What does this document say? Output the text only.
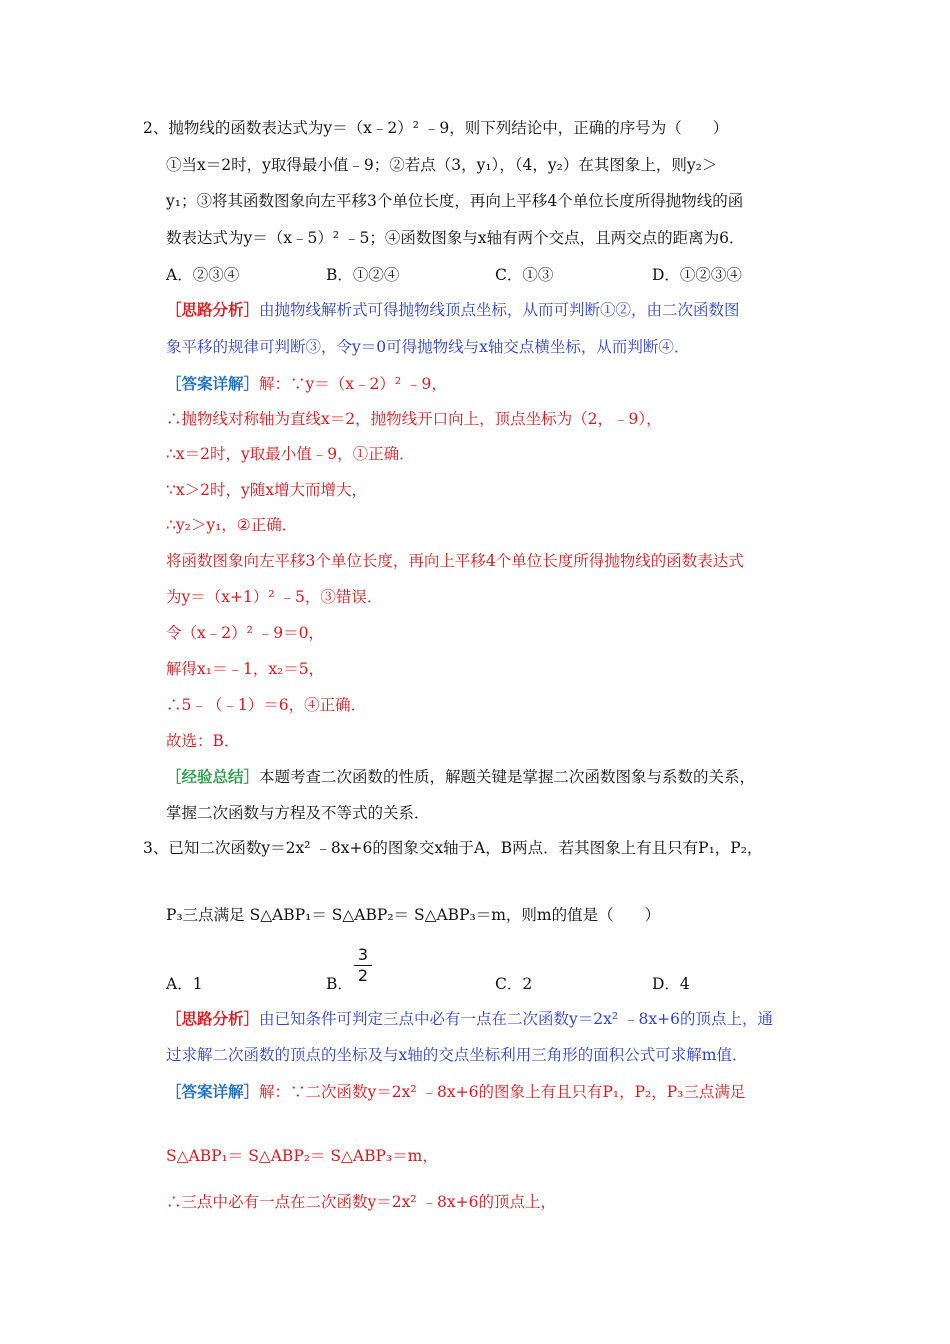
2、抛物线的函数表达式为y＝（x﹣2）² ﹣9，则下列结论中，正确的序号为（　　）
①当x＝2时，y取得最小值﹣9；②若点（3，y₁），（4，y₂）在其图象上，则y₂＞
y₁；③将其函数图象向左平移3个单位长度，再向上平移4个单位长度所得抛物线的函
数表达式为y＝（x﹣5）² ﹣5；④函数图象与x轴有两个交点，且两交点的距离为6．
A．②③④	B．①②④	C．①③	D．①②③④
［思路分析］由抛物线解析式可得抛物线顶点坐标，从而可判断①②，由二次函数图
象平移的规律可判断③，令y＝0可得抛物线与x轴交点横坐标，从而判断④．
［答案详解］解：∵y＝（x﹣2）² ﹣9，
∴抛物线对称轴为直线x＝2，抛物线开口向上，顶点坐标为（2，﹣9），
∴x＝2时，y取最小值﹣9，①正确．
∵x＞2时，y随x增大而增大，
∴y₂＞y₁，②正确．
将函数图象向左平移3个单位长度，再向上平移4个单位长度所得抛物线的函数表达式
为y＝（x+1）² ﹣5，③错误．
令（x﹣2）² ﹣9＝0，
解得x₁＝﹣1，x₂＝5，
∴5﹣（﹣1）＝6，④正确．
故选：B．
［经验总结］本题考查二次函数的性质，解题关键是掌握二次函数图象与系数的关系，
掌握二次函数与方程及不等式的关系．
3、已知二次函数y＝2x² ﹣8x+6的图象交x轴于A，B两点．若其图象上有且只有P₁，P₂，
P₃三点满足 S△ABP₁＝ S△ABP₂＝ S△ABP₃＝m，则m的值是（　　）
A．1	B．
3
2	C．2	D．4
［思路分析］由已知条件可判定三点中必有一点在二次函数y＝2x² ﹣8x+6的顶点上，通
过求解二次函数的顶点的坐标及与x轴的交点坐标利用三角形的面积公式可求解m值．
［答案详解］解：∵二次函数y＝2x² ﹣8x+6的图象上有且只有P₁，P₂，P₃三点满足
S△ABP₁＝ S△ABP₂＝ S△ABP₃＝m，
∴三点中必有一点在二次函数y＝2x² ﹣8x+6的顶点上，
